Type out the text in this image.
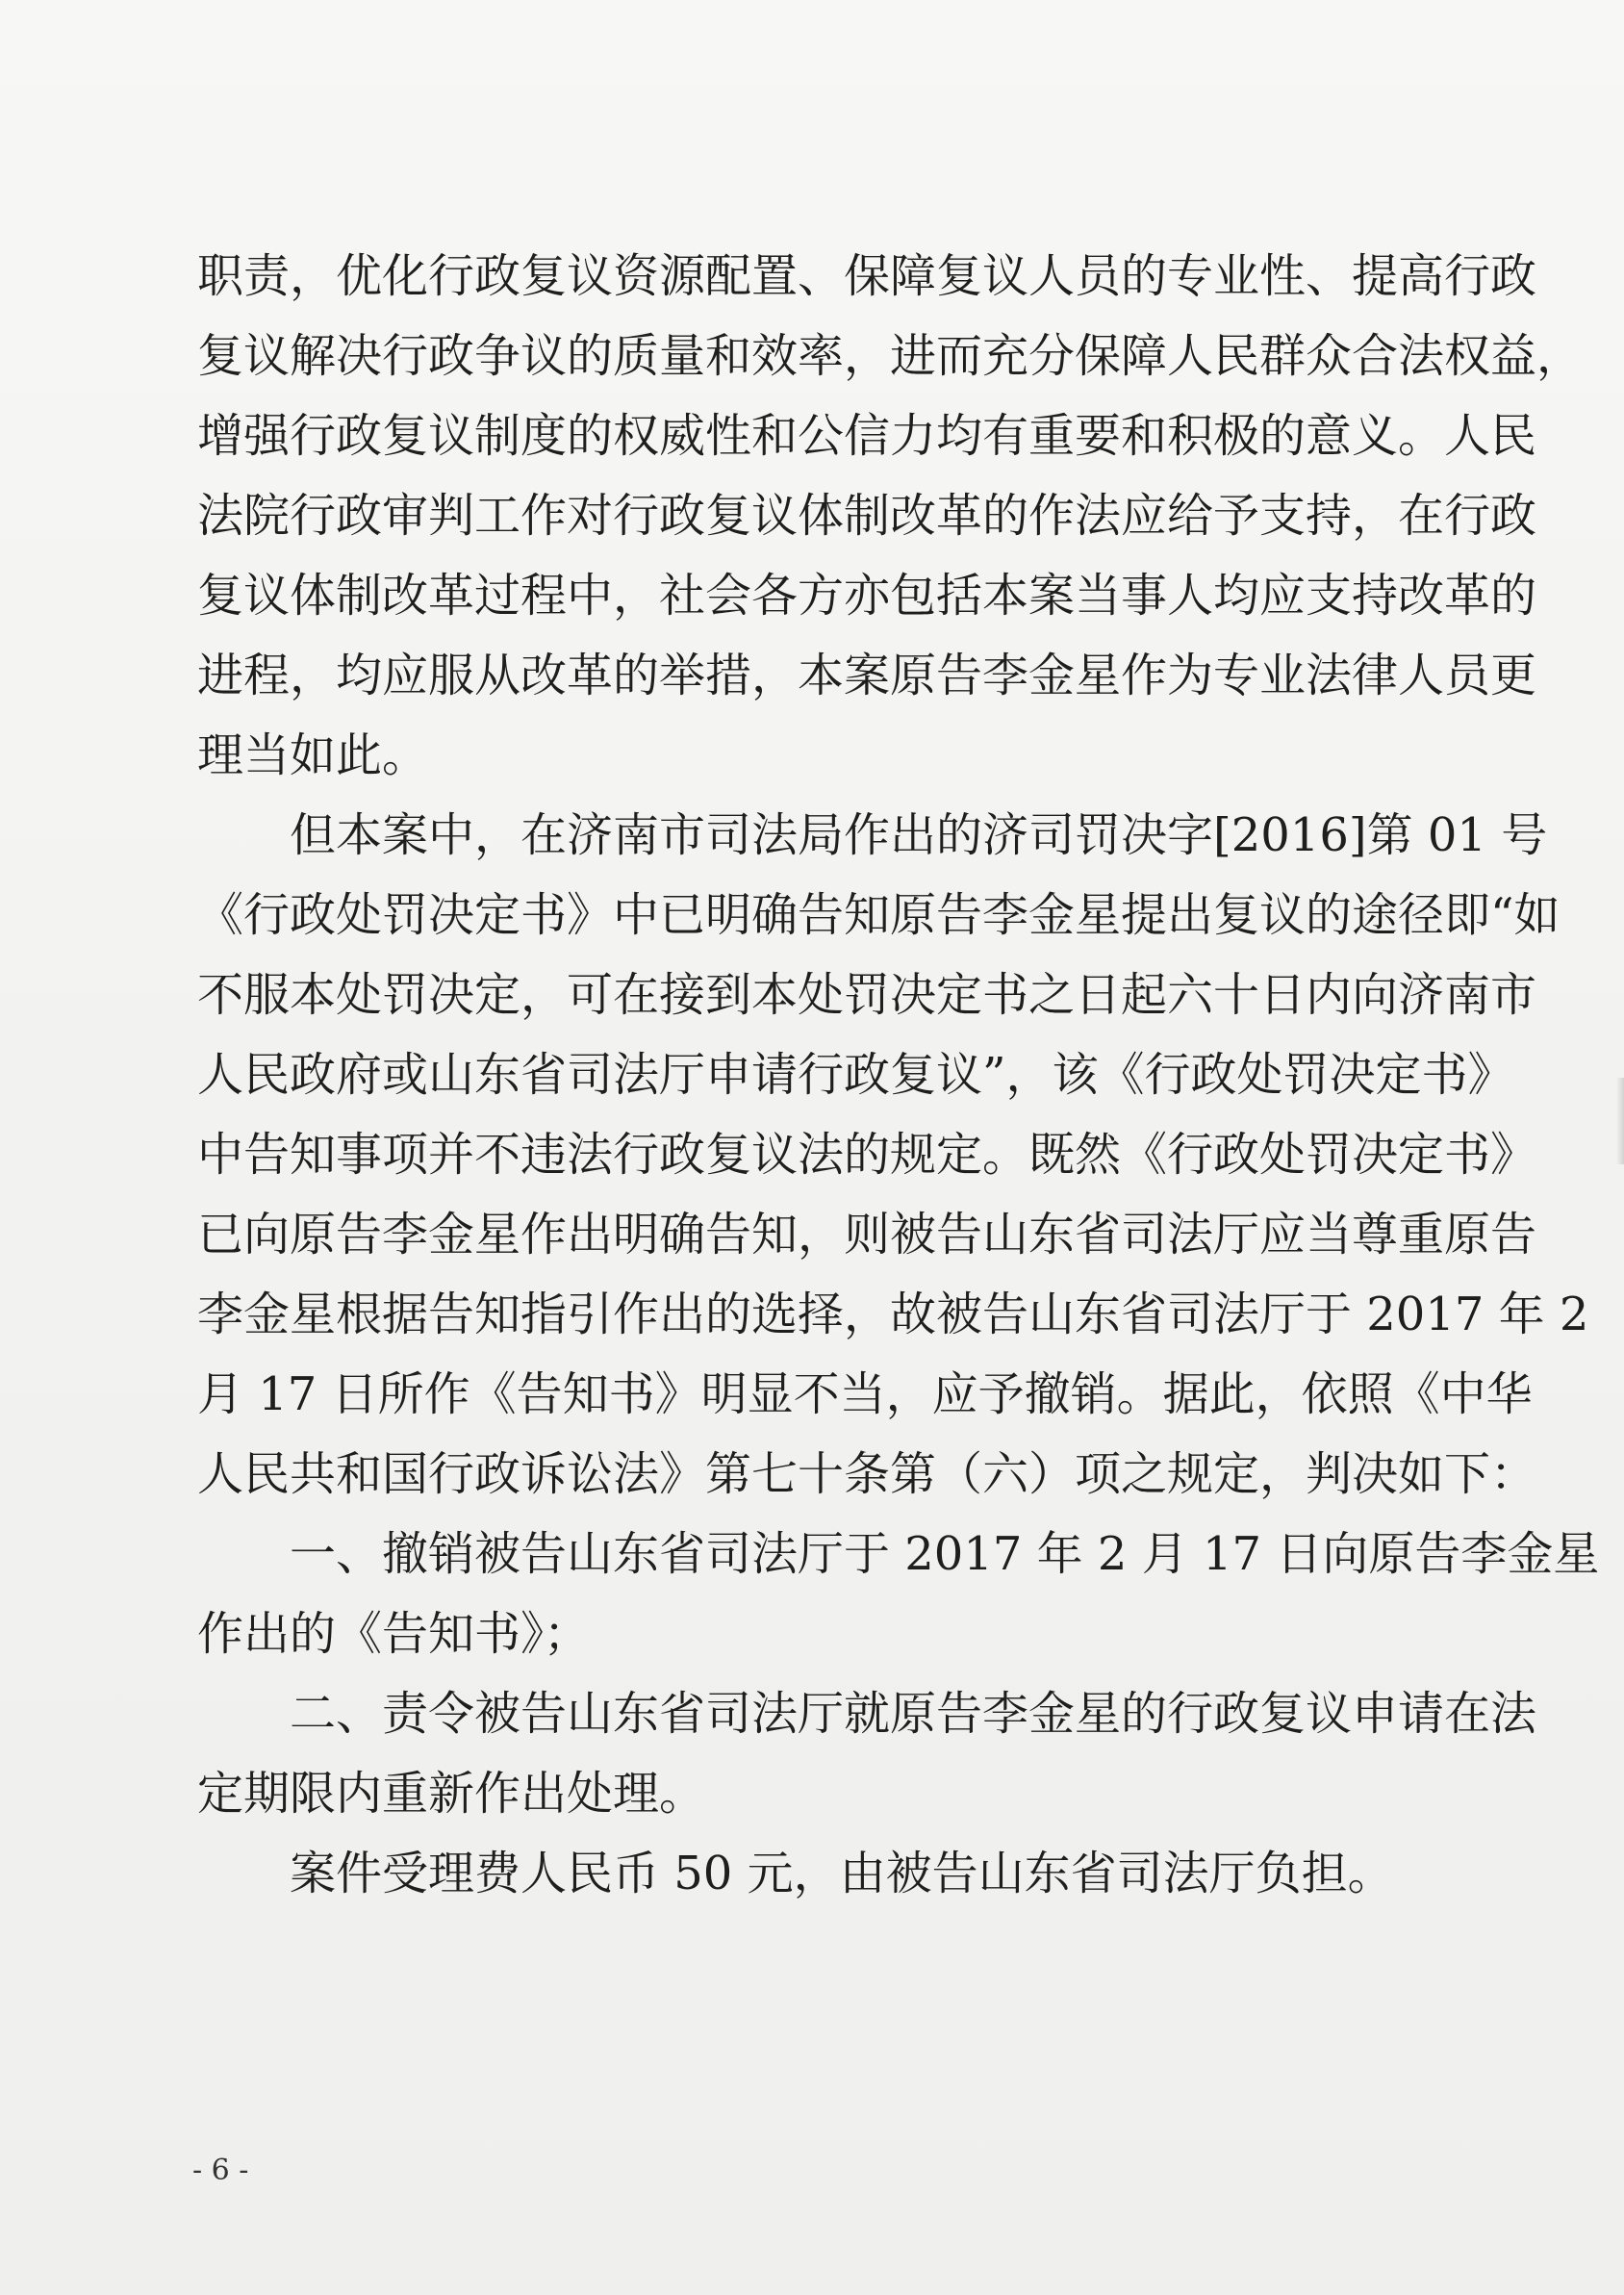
职责，优化行政复议资源配置、保障复议人员的专业性、提高行政
复议解决行政争议的质量和效率，进而充分保障人民群众合法权益，
增强行政复议制度的权威性和公信力均有重要和积极的意义。人民
法院行政审判工作对行政复议体制改革的作法应给予支持，在行政
复议体制改革过程中，社会各方亦包括本案当事人均应支持改革的
进程，均应服从改革的举措，本案原告李金星作为专业法律人员更
理当如此。
但本案中，在济南市司法局作出的济司罚决字[2016]第 01 号
《行政处罚决定书》中已明确告知原告李金星提出复议的途径即“如
不服本处罚决定，可在接到本处罚决定书之日起六十日内向济南市
人民政府或山东省司法厅申请行政复议”，该《行政处罚决定书》
中告知事项并不违法行政复议法的规定。既然《行政处罚决定书》
已向原告李金星作出明确告知，则被告山东省司法厅应当尊重原告
李金星根据告知指引作出的选择，故被告山东省司法厅于 2017 年 2
月 17 日所作《告知书》明显不当，应予撤销。据此，依照《中华
人民共和国行政诉讼法》第七十条第（六）项之规定，判决如下：
一、撤销被告山东省司法厅于 2017 年 2 月 17 日向原告李金星
作出的《告知书》；
二、责令被告山东省司法厅就原告李金星的行政复议申请在法
定期限内重新作出处理。
案件受理费人民币 50 元，由被告山东省司法厅负担。
- 6 -
